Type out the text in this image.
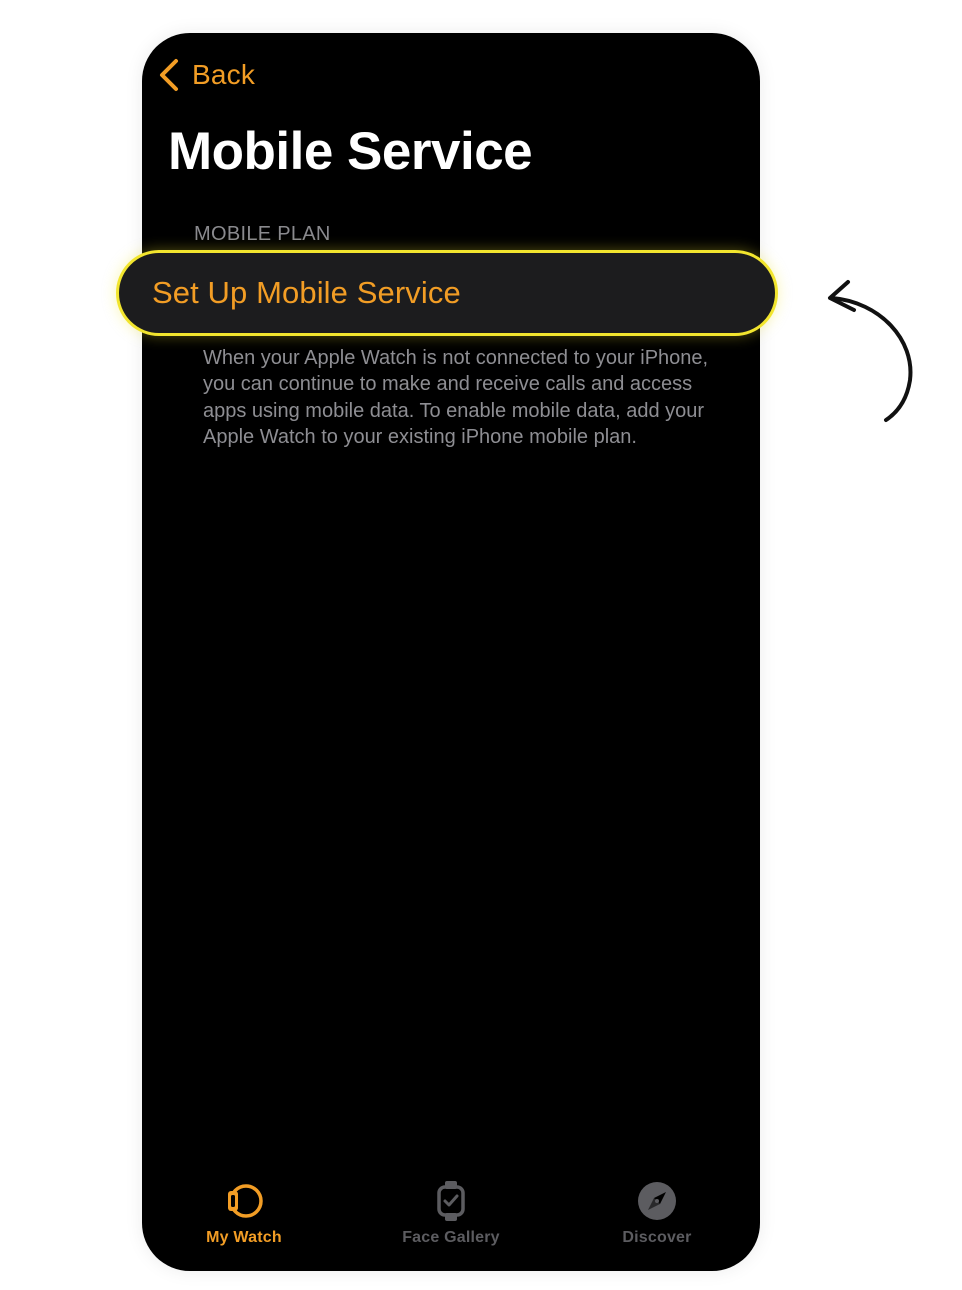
Back
Mobile Service
MOBILE PLAN
When your Apple Watch is not connected to your iPhone, you can continue to make and receive calls and access apps using mobile data. To enable mobile data, add your Apple Watch to your existing iPhone mobile plan.
My Watch	Face Gallery	Discover
Set Up Mobile Service
